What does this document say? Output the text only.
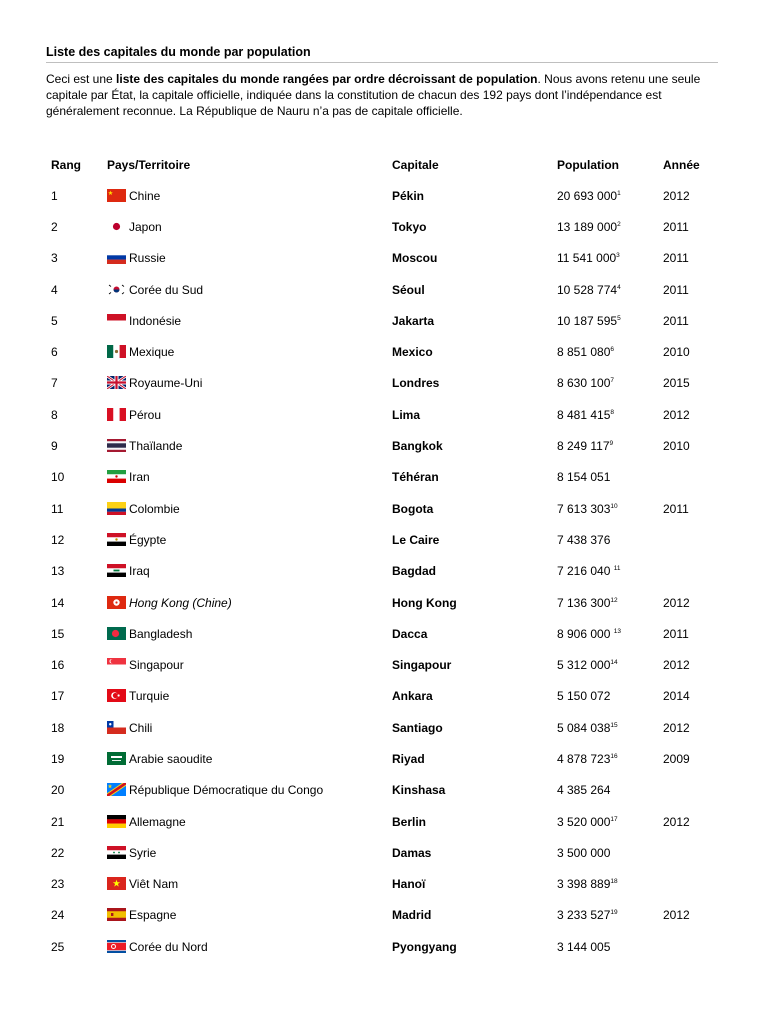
Liste des capitales du monde par population
Ceci est une liste des capitales du monde rangées par ordre décroissant de population. Nous avons retenu une seule capitale par État, la capitale officielle, indiquée dans la constitution de chacun des 192 pays dont l’indépendance est généralement reconnue. La République de Nauru n’a pas de capitale officielle.
Rang	Pays/Territoire	Capitale	Population	Année
1	Chine	Pékin	20 693 $000^1$	2012
2	Japon	Tokyo	13 189 $000^2$	2011
3	Russie	Moscou	11 541 $000^3$	2011
4	Corée du Sud	Séoul	10 528 $774^4$	2011
5	Indonésie	Jakarta	10 187 $595^5$	2011
6	Mexique	Mexico	8 851 $080^6$	2010
7	Royaume-Uni	Londres	8 630 $100^7$	2015
8	Pérou	Lima	8 481 $415^8$	2012
9	Thaïlande	Bangkok	8 249 $117^9$	2010
10	Iran	Téhéran	8 154 051	
11	Colombie	Bogota	7 613 $303^{10}$	2011
12	Égypte	Le Caire	7 438 376	
13	Iraq	Bagdad	7 216 040 $^{11}$	
14	Hong Kong (Chine)	Hong Kong	7 136 $300^{12}$	2012
15	Bangladesh	Dacca	8 906 000 $^{13}$	2011
16	Singapour	Singapour	5 312 $000^{14}$	2012
17	Turquie	Ankara	5 150 072	2014
18	Chili	Santiago	5 084 $038^{15}$	2012
19	Arabie saoudite	Riyad	4 878 $723^{16}$	2009
20	République Démocratique du Congo	Kinshasa	4 385 264	
21	Allemagne	Berlin	3 520 $000^{17}$	2012
22	Syrie	Damas	3 500 000	
23	Viêt Nam	Hanoï	3 398 $889^{18}$	
24	Espagne	Madrid	3 233 $527^{19}$	2012
25	Corée du Nord	Pyongyang	3 144 005	
